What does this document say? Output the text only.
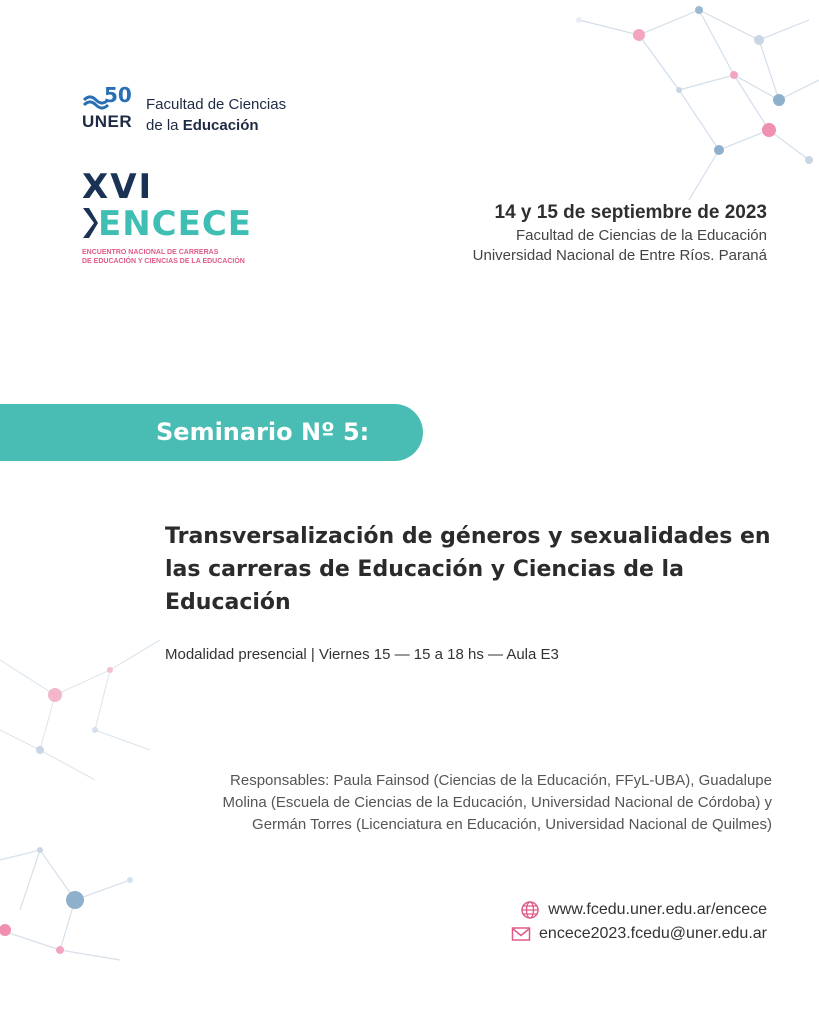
50
UNER
Facultad de Ciencias
de la Educación
XVI
ENCECE
ENCUENTRO NACIONAL DE CARRERAS
DE EDUCACIÓN Y CIENCIAS DE LA EDUCACIÓN
14 y 15 de septiembre de 2023
Facultad de Ciencias de la Educación
Universidad Nacional de Entre Ríos. Paraná
Seminario Nº 5:
Transversalización de géneros y sexualidades en las carreras de Educación y Ciencias de la Educación
Modalidad presencial | Viernes 15 — 15 a 18 hs — Aula E3
Responsables: Paula Fainsod (Ciencias de la Educación, FFyL-UBA), Guadalupe Molina (Escuela de Ciencias de la Educación, Universidad Nacional de Córdoba) y Germán Torres (Licenciatura en Educación, Universidad Nacional de Quilmes)
www.fcedu.uner.edu.ar/encece
encece2023.fcedu@uner.edu.ar
